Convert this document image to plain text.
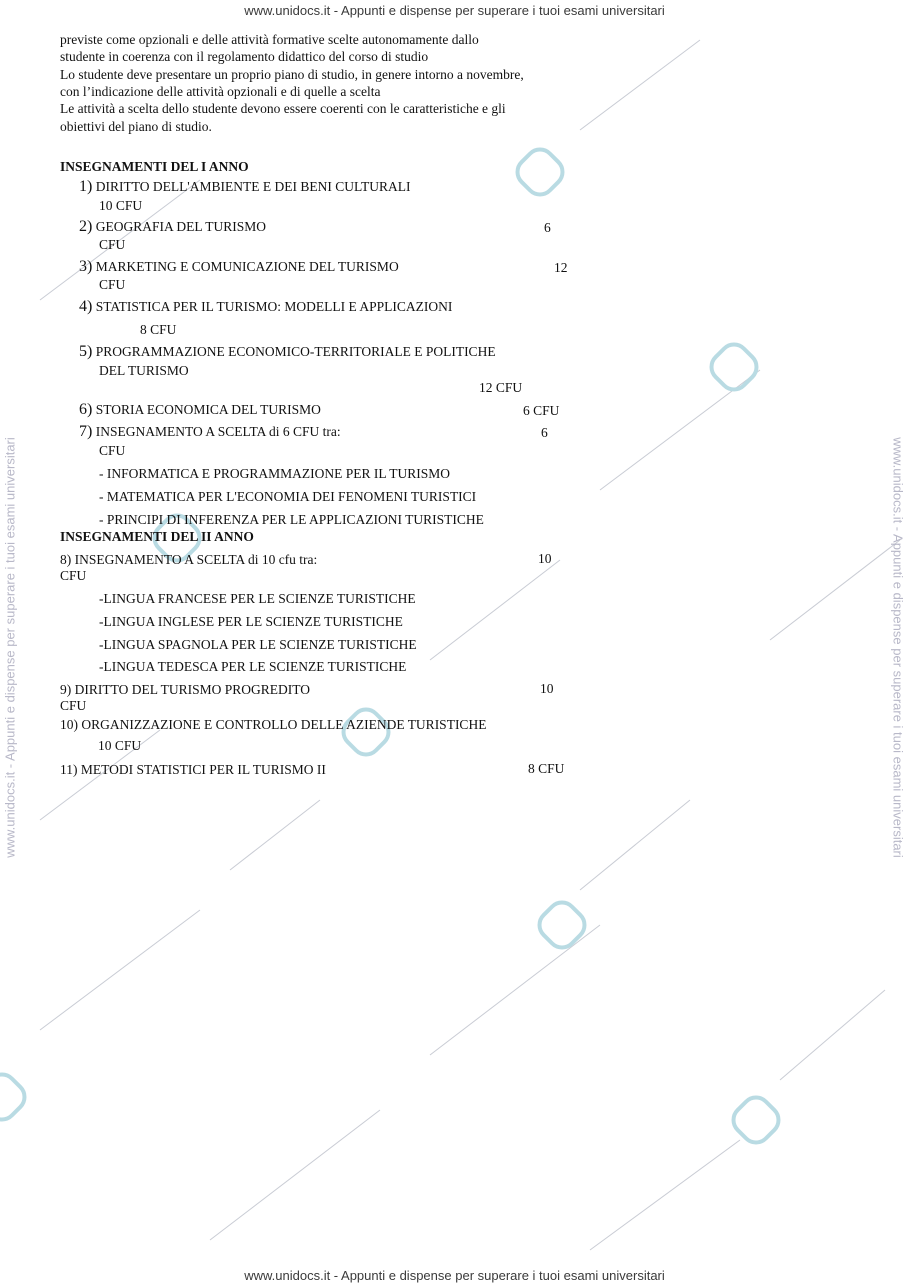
www.unidocs.it - Appunti e dispense per superare i tuoi esami universitari
www.unidocs.it - Appunti e dispense per superare i tuoi esami universitari
www.unidocs.it - Appunti e dispense per superare i tuoi esami universitari	www.unidocs.it - Appunti e dispense per superare i tuoi esami universitari
previste come opzionali e delle attività formative scelte autonomamente dallo
studente in coerenza con il regolamento didattico del corso di studio
Lo studente deve presentare un proprio piano di studio, in genere intorno a novembre,
con l’indicazione delle attività opzionali e di quelle a scelta
Le attività a scelta dello studente devono essere coerenti con le caratteristiche e gli
obiettivi del piano di studio.
INSEGNAMENTI DEL I ANNO
1) DIRITTO DELL'AMBIENTE E DEI BENI CULTURALI
10 CFU
2) GEOGRAFIA DEL TURISMO	6
CFU
3) MARKETING E COMUNICAZIONE DEL TURISMO	12
CFU
4) STATISTICA PER IL TURISMO: MODELLI E APPLICAZIONI
8 CFU
5) PROGRAMMAZIONE ECONOMICO-TERRITORIALE E POLITICHE
DEL TURISMO
12 CFU
6) STORIA ECONOMICA DEL TURISMO	6 CFU
7) INSEGNAMENTO A SCELTA di 6 CFU tra:	6
CFU
- INFORMATICA E PROGRAMMAZIONE PER IL TURISMO
- MATEMATICA PER L'ECONOMIA DEI FENOMENI TURISTICI
- PRINCIPI DI INFERENZA PER LE APPLICAZIONI TURISTICHE
INSEGNAMENTI DEL II ANNO
8) INSEGNAMENTO A SCELTA di 10 cfu tra:	10
CFU
-LINGUA FRANCESE PER LE SCIENZE TURISTICHE
-LINGUA INGLESE PER LE SCIENZE TURISTICHE
-LINGUA SPAGNOLA PER LE SCIENZE TURISTICHE
-LINGUA TEDESCA PER LE SCIENZE TURISTICHE
9) DIRITTO DEL TURISMO PROGREDITO	10
CFU
10) ORGANIZZAZIONE E CONTROLLO DELLE AZIENDE TURISTICHE
10 CFU
11) METODI STATISTICI PER IL TURISMO II	8 CFU
